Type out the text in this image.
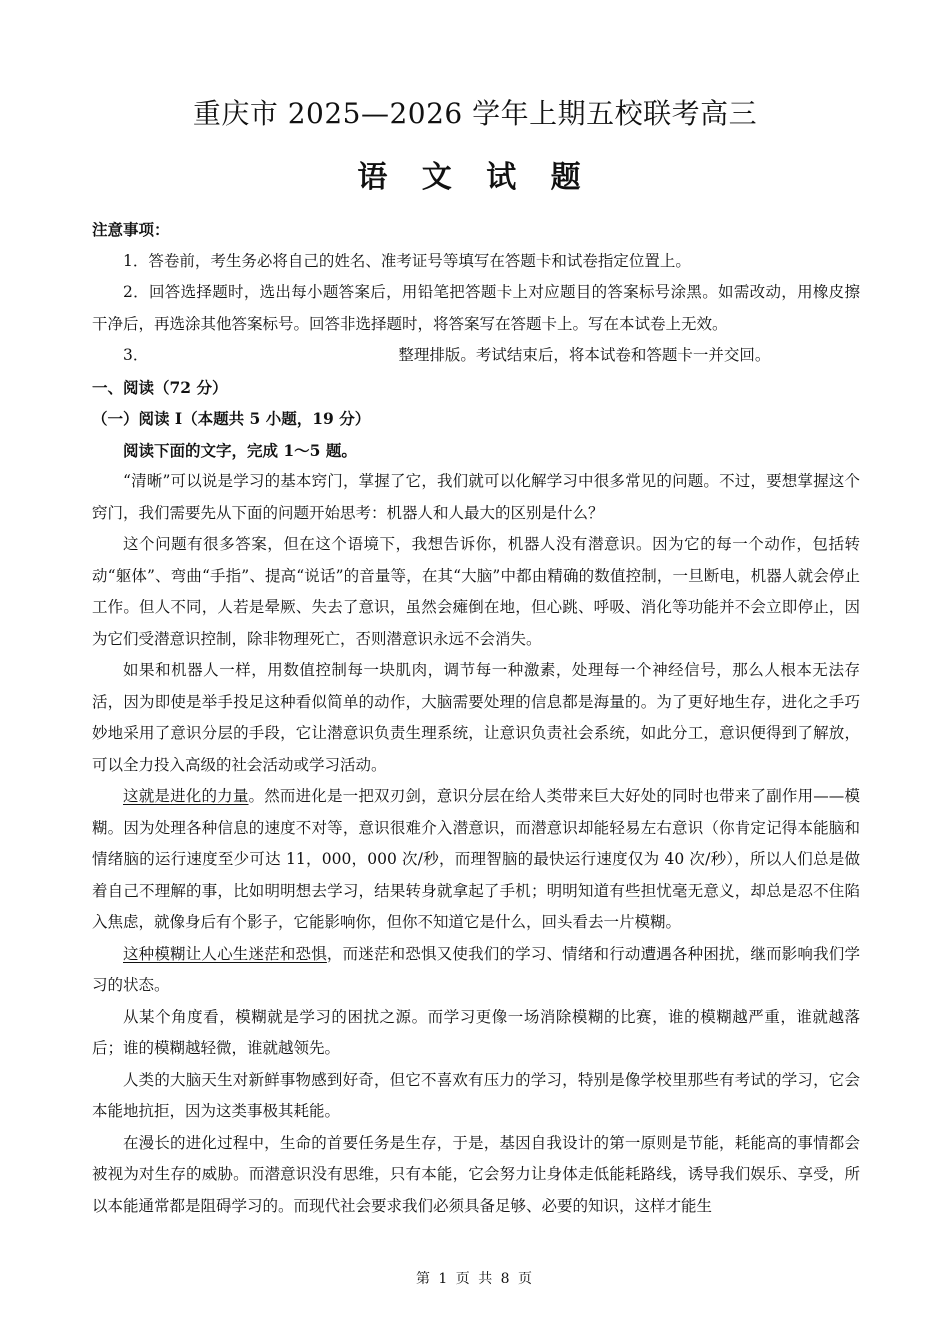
重庆市 2025—2026 学年上期五校联考高三
语 文 试 题

注意事项：

1．答卷前，考生务必将自己的姓名、准考证号等填写在答题卡和试卷指定位置上。

2．回答选择题时，选出每小题答案后，用铅笔把答题卡上对应题目的答案标号涂黑。如需改动，用橡皮擦干净后，再选涂其他答案标号。回答非选择题时，将答案写在答题卡上。写在本试卷上无效。

3．	整理排版。考试结束后，将本试卷和答题卡一并交回。

一、阅读（72 分）

（一）阅读 I（本题共 5 小题，19 分）

阅读下面的文字，完成 1～5 题。

“清晰”可以说是学习的基本窍门，掌握了它，我们就可以化解学习中很多常见的问题。不过，要想掌握这个窍门，我们需要先从下面的问题开始思考：机器人和人最大的区别是什么？

这个问题有很多答案，但在这个语境下，我想告诉你，机器人没有潜意识。因为它的每一个动作，包括转动“躯体”、弯曲“手指”、提高“说话”的音量等，在其“大脑”中都由精确的数值控制，一旦断电，机器人就会停止工作。但人不同，人若是晕厥、失去了意识，虽然会瘫倒在地，但心跳、呼吸、消化等功能并不会立即停止，因为它们受潜意识控制，除非物理死亡，否则潜意识永远不会消失。

如果和机器人一样，用数值控制每一块肌肉，调节每一种激素，处理每一个神经信号，那么人根本无法存活，因为即使是举手投足这种看似简单的动作，大脑需要处理的信息都是海量的。为了更好地生存，进化之手巧妙地采用了意识分层的手段，它让潜意识负责生理系统，让意识负责社会系统，如此分工，意识便得到了解放，可以全力投入高级的社会活动或学习活动。

这就是进化的力量。然而进化是一把双刃剑，意识分层在给人类带来巨大好处的同时也带来了副作用——模糊。因为处理各种信息的速度不对等，意识很难介入潜意识，而潜意识却能轻易左右意识（你肯定记得本能脑和情绪脑的运行速度至少可达 11，000，000 次/秒，而理智脑的最快运行速度仅为 40 次/秒），所以人们总是做着自己不理解的事，比如明明想去学习，结果转身就拿起了手机；明明知道有些担忧毫无意义，却总是忍不住陷入焦虑，就像身后有个影子，它能影响你，但你不知道它是什么，回头看去一片模糊。

这种模糊让人心生迷茫和恐惧，而迷茫和恐惧又使我们的学习、情绪和行动遭遇各种困扰，继而影响我们学习的状态。

从某个角度看，模糊就是学习的困扰之源。而学习更像一场消除模糊的比赛，谁的模糊越严重，谁就越落后；谁的模糊越轻微，谁就越领先。

人类的大脑天生对新鲜事物感到好奇，但它不喜欢有压力的学习，特别是像学校里那些有考试的学习，它会本能地抗拒，因为这类事极其耗能。

在漫长的进化过程中，生命的首要任务是生存，于是，基因自我设计的第一原则是节能，耗能高的事情都会被视为对生存的威胁。而潜意识没有思维，只有本能，它会努力让身体走低能耗路线，诱导我们娱乐、享受，所以本能通常都是阻碍学习的。而现代社会要求我们必须具备足够、必要的知识，这样才能生

第 1 页 共 8 页
